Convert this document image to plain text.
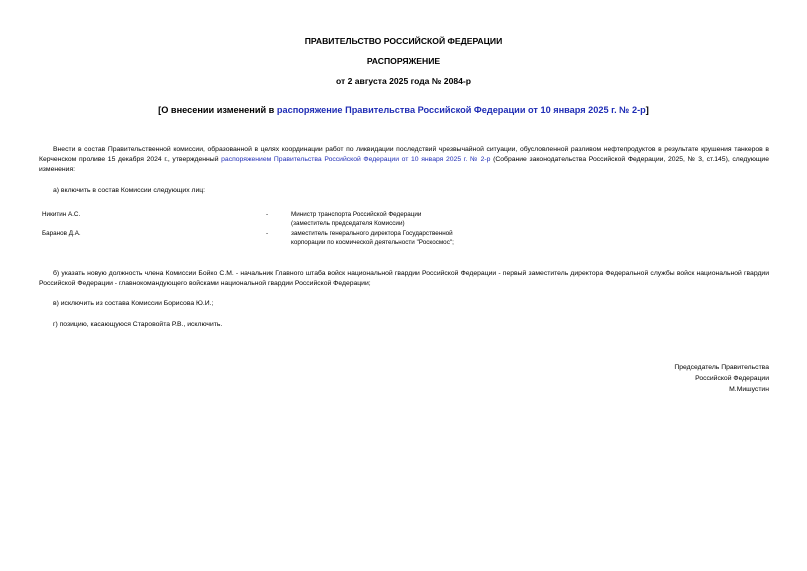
ПРАВИТЕЛЬСТВО РОССИЙСКОЙ ФЕДЕРАЦИИ
РАСПОРЯЖЕНИЕ
от 2 августа 2025 года № 2084-р
[О внесении изменений в распоряжение Правительства Российской Федерации от 10 января 2025 г. № 2-р]
Внести в состав Правительственной комиссии, образованной в целях координации работ по ликвидации последствий чрезвычайной ситуации, обусловленной разливом нефтепродуктов в результате крушения танкеров в Керченском проливе 15 декабря 2024 г., утвержденный распоряжением Правительства Российской Федерации от 10 января 2025 г. № 2-р (Собрание законодательства Российской Федерации, 2025, № 3, ст.145), следующие изменения:
а) включить в состав Комиссии следующих лиц:
Никитин А.С.	-	Министр транспорта Российской Федерации
(заместитель председателя Комиссии)
Баранов Д.А.	-	заместитель генерального директора Государственной
корпорации по космической деятельности "Роскосмос";
б) указать новую должность члена Комиссии Бойко С.М. - начальник Главного штаба войск национальной гвардии Российской Федерации - первый заместитель директора Федеральной службы войск национальной гвардии Российской Федерации - главнокомандующего войсками национальной гвардии Российской Федерации;
в) исключить из состава Комиссии Борисова Ю.И.;
г) позицию, касающуюся Старовойта Р.В., исключить.
Председатель Правительства
Российской Федерации
М.Мишустин
